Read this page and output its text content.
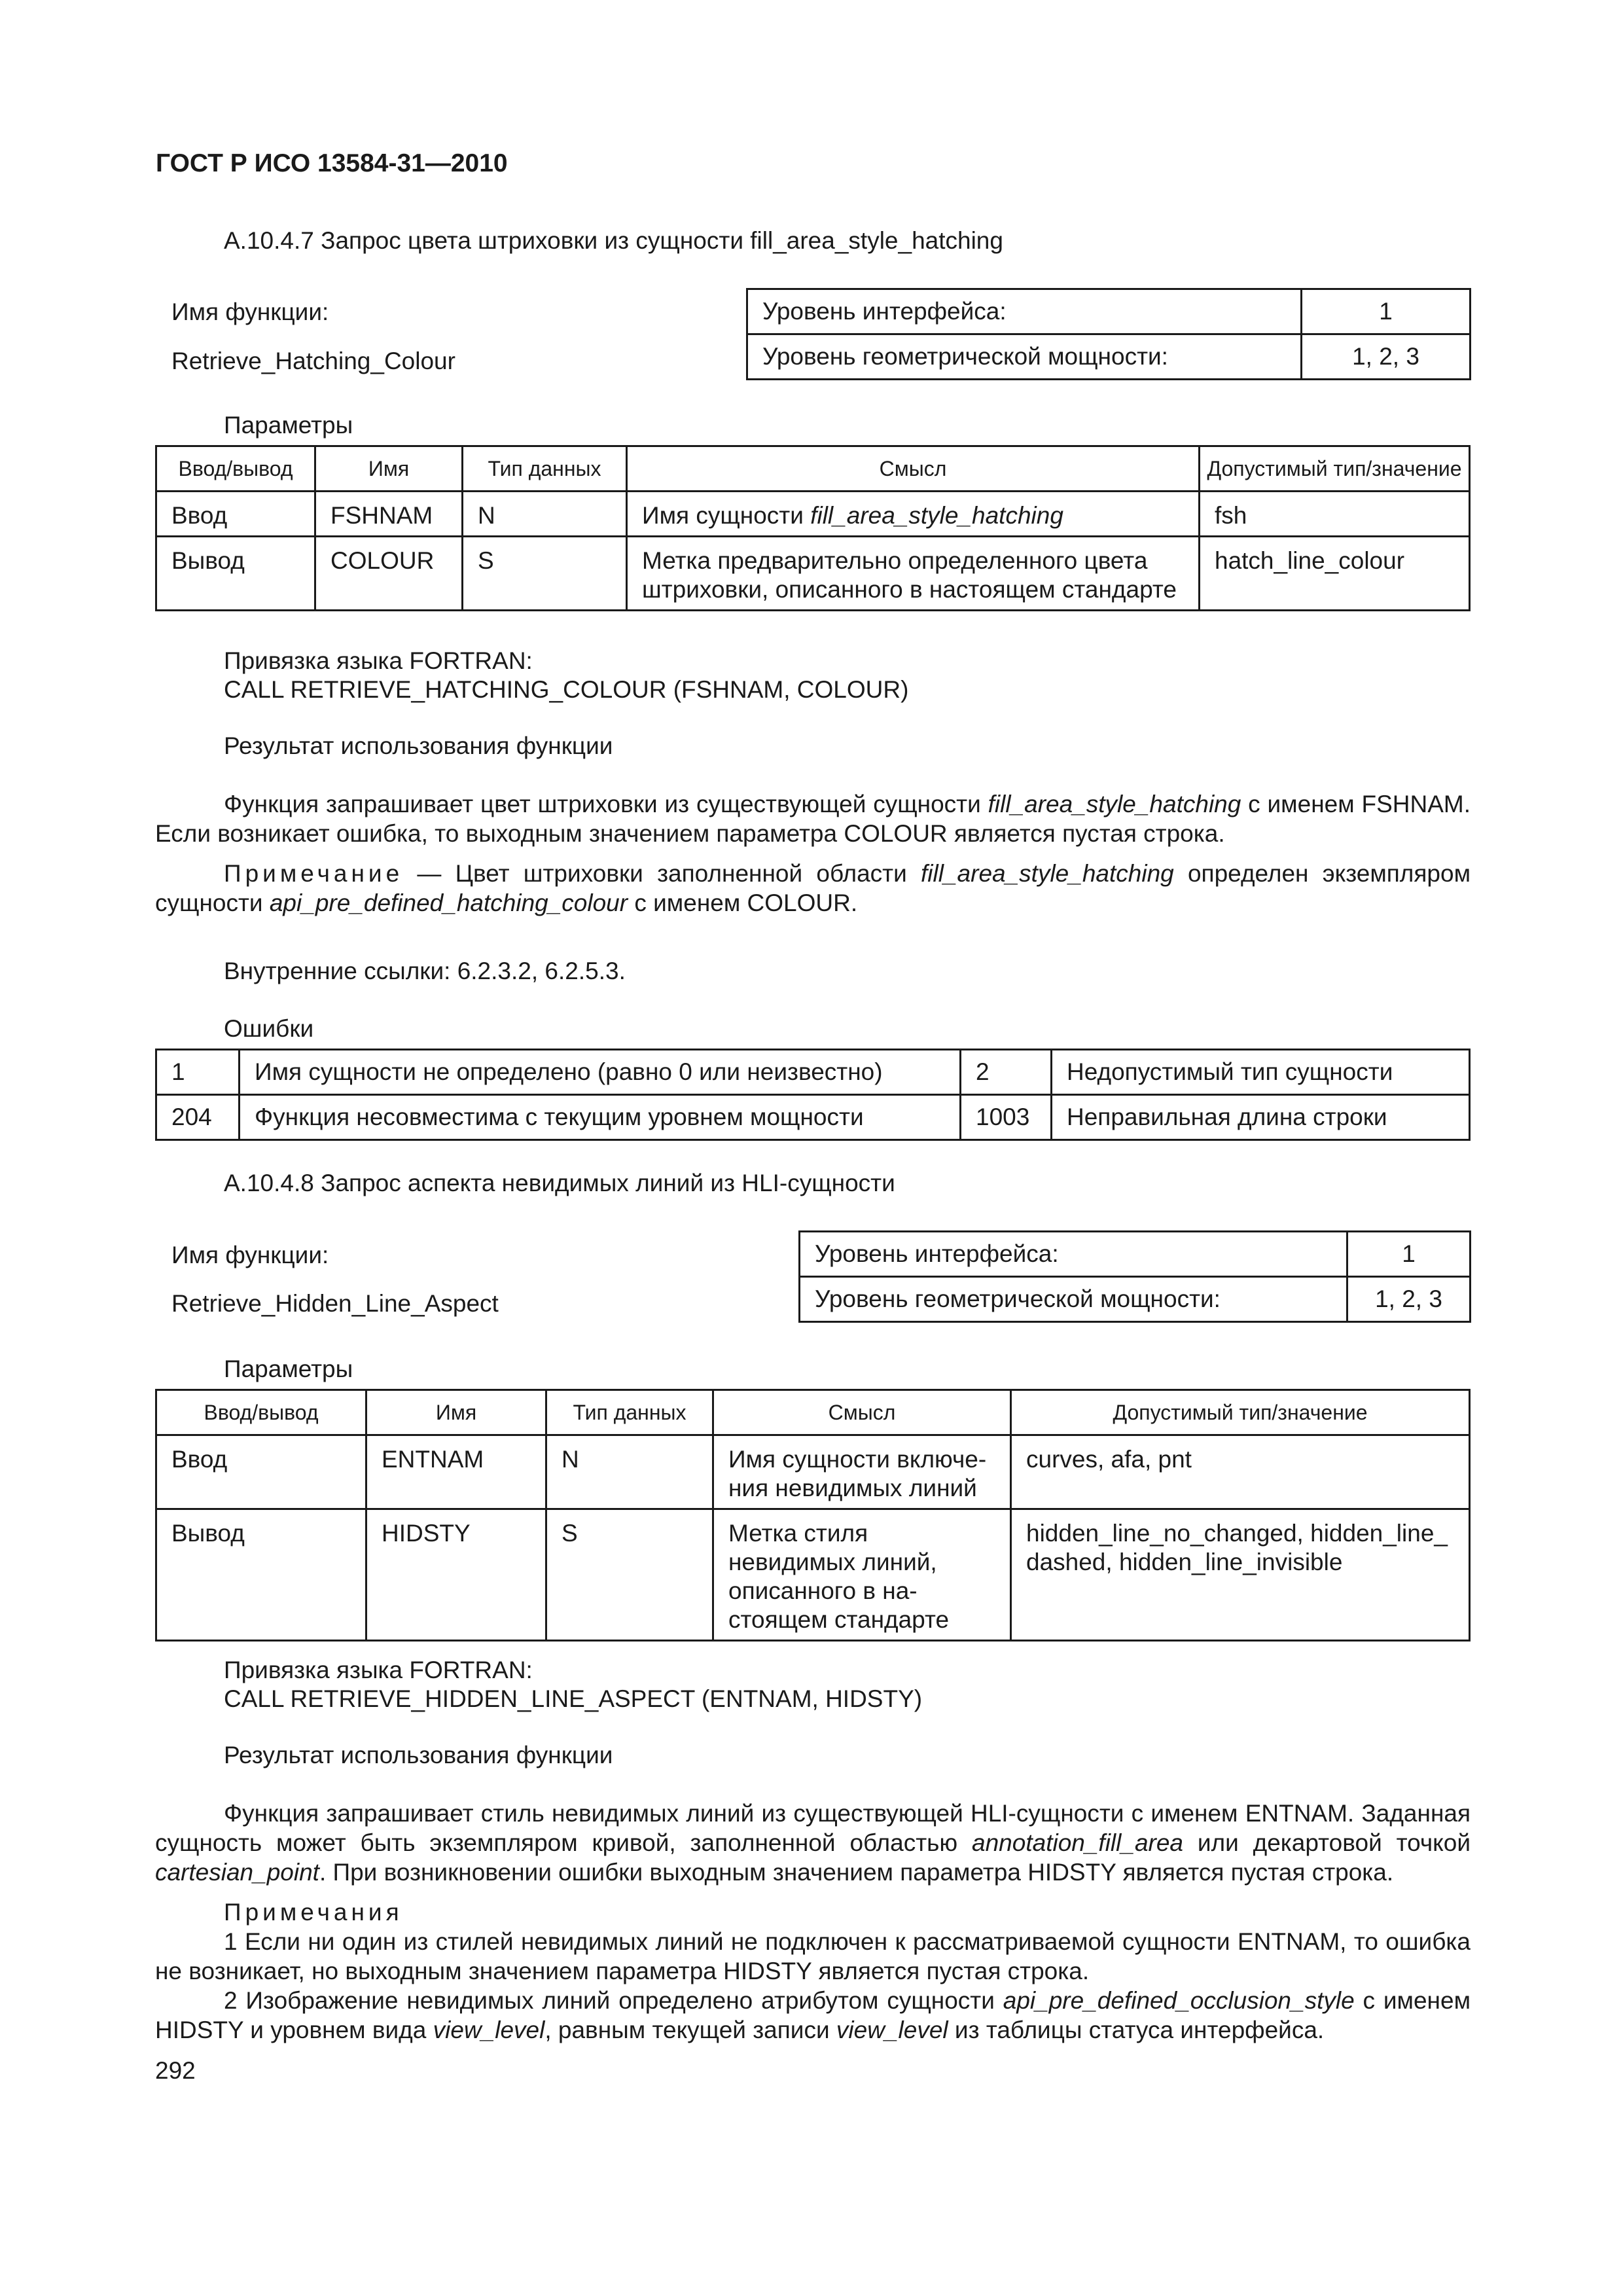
ГОСТ Р ИСО 13584-31—2010
А.10.4.7 Запрос цвета штриховки из сущности fill_area_style_hatching
Имя функции:
Retrieve_Hatching_Colour
Уровень интерфейса:	1
Уровень геометрической мощности:	1, 2, 3
Параметры
Ввод/вывод	Имя	Тип данных	Смысл	Допустимый тип/значение
Ввод	FSHNAM	N	Имя сущности fill_area_style_hatching	fsh
Вывод	COLOUR	S	Метка предварительно определенного цвета штриховки, описанного в настоящем стандарте	hatch_line_colour
Привязка языка FORTRAN:
CALL RETRIEVE_HATCHING_COLOUR (FSHNAM, COLOUR)
Результат использования функции
Функция запрашивает цвет штриховки из существующей сущности fill_area_style_hatching с именем FSHNAM. Если возникает ошибка, то выходным значением параметра COLOUR является пустая строка.
Примечание — Цвет штриховки заполненной области fill_area_style_hatching определен экземпляром сущности api_pre_defined_hatching_colour с именем COLOUR.
Внутренние ссылки: 6.2.3.2, 6.2.5.3.
Ошибки
1	Имя сущности не определено (равно 0 или неизвестно)	2	Недопустимый тип сущности
204	Функция несовместима с текущим уровнем мощности	1003	Неправильная длина строки
А.10.4.8 Запрос аспекта невидимых линий из HLI-сущности
Имя функции:
Retrieve_Hidden_Line_Aspect
Уровень интерфейса:	1
Уровень геометрической мощности:	1, 2, 3
Параметры
Ввод/вывод	Имя	Тип данных	Смысл	Допустимый тип/значение
Ввод	ENTNAM	N	Имя сущности включе-ния невидимых линий	curves, afa, pnt
Вывод	HIDSTY	S	Метка стиля невидимых линий, описанного в на-стоящем стандарте	hidden_line_no_changed, hidden_line_ dashed, hidden_line_invisible
Привязка языка FORTRAN:
CALL RETRIEVE_HIDDEN_LINE_ASPECT (ENTNAM, HIDSTY)
Результат использования функции
Функция запрашивает стиль невидимых линий из существующей HLI-сущности с именем ENTNAM. Заданная сущность может быть экземпляром кривой, заполненной областью annotation_fill_area или декартовой точкой cartesian_point. При возникновении ошибки выходным значением параметра HIDSTY является пустая строка.
Примечания
1 Если ни один из стилей невидимых линий не подключен к рассматриваемой сущности ENTNAM, то ошибка не возникает, но выходным значением параметра HIDSTY является пустая строка.
2 Изображение невидимых линий определено атрибутом сущности api_pre_defined_occlusion_style с именем HIDSTY и уровнем вида view_level, равным текущей записи view_level из таблицы статуса интерфейса.
292
